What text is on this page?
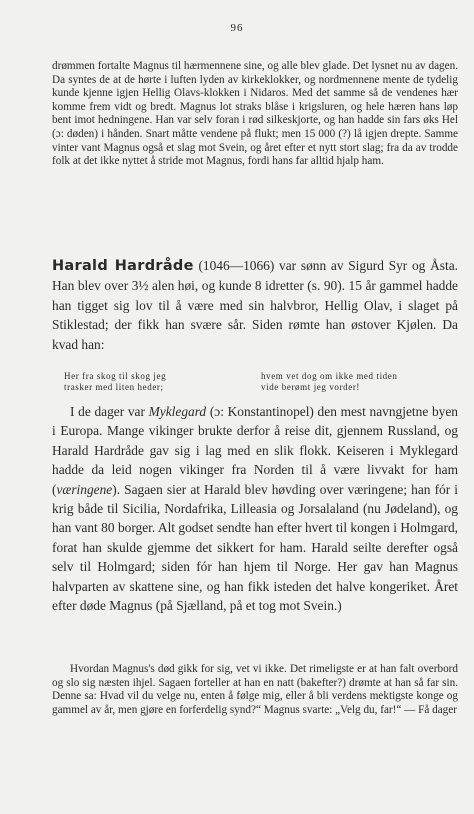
96

drømmen fortalte Magnus til hærmennene sine, og alle blev glade. Det lysnet nu av dagen. Da syntes de at de hørte i luften lyden av kirkeklokker, og nordmennene mente de tydelig kunde kjenne igjen Hellig Olavs-klokken i Nidaros. Med det samme så de vendenes hær komme frem vidt og bredt. Magnus lot straks blåse i krigsluren, og hele hæren hans løp bent imot hedningene. Han var selv foran i rød silkeskjorte, og han hadde sin fars øks Hel (ɔ: døden) i hånden. Snart måtte vendene på flukt; men 15 000 (?) lå igjen drepte. Samme vinter vant Magnus også et slag mot Svein, og året efter et nytt stort slag; fra da av trodde folk at det ikke nyttet å stride mot Magnus, fordi hans far alltid hjalp ham.

Harald Hardråde (1046—1066) var sønn av Sigurd Syr og Åsta. Han blev over 3½ alen høi, og kunde 8 idretter (s. 90). 15 år gammel hadde han tigget sig lov til å være med sin halvbror, Hellig Olav, i slaget på Stiklestad; der fikk han svære sår. Siden rømte han østover Kjølen. Da kvad han:

Her fra skog til skog jeg
trasker med liten heder;
hvem vet dog om ikke med tiden
vide berømt jeg vorder!

I de dager var Myklegard (ɔ: Konstantinopel) den mest navngjetne byen i Europa. Mange vikinger brukte derfor å reise dit, gjennem Russland, og Harald Hardråde gav sig i lag med en slik flokk. Keiseren i Myklegard hadde da leid nogen vikinger fra Norden til å være livvakt for ham (væringene). Sagaen sier at Harald blev høvding over væringene; han fór i krig både til Sicilia, Nordafrika, Lilleasia og Jorsalaland (nu Jødeland), og han vant 80 borger. Alt godset sendte han efter hvert til kongen i Holmgard, forat han skulde gjemme det sikkert for ham. Harald seilte derefter også selv til Holmgard; siden fór han hjem til Norge. Her gav han Magnus halvparten av skattene sine, og han fikk isteden det halve kongeriket. Året efter døde Magnus (på Sjælland, på et tog mot Svein.)

Hvordan Magnus's død gikk for sig, vet vi ikke. Det rimeligste er at han falt overbord og slo sig næsten ihjel. Sagaen forteller at han en natt (bakefter?) drømte at han så far sin. Denne sa: Hvad vil du velge nu, enten å følge mig, eller å bli verdens mektigste konge og gammel av år, men gjøre en forferdelig synd?“ Magnus svarte: „Velg du, far!“ — Få dager
